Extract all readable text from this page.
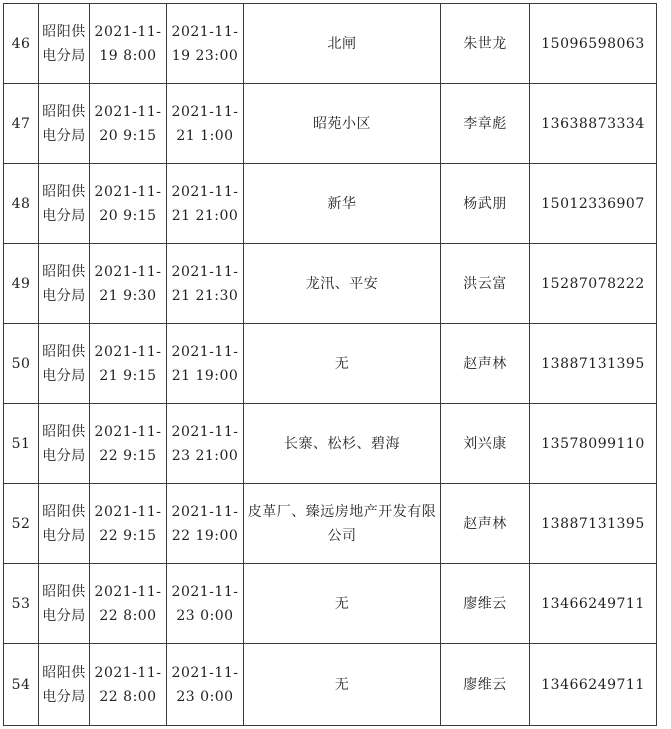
46	昭阳供电分局	2021-11-19 8:00	2021-11-19 23:00	北闸	朱世龙	15096598063
47	昭阳供电分局	2021-11-20 9:15	2021-11-21 1:00	昭苑小区	李章彪	13638873334
48	昭阳供电分局	2021-11-20 9:15	2021-11-21 21:00	新华	杨武朋	15012336907
49	昭阳供电分局	2021-11-21 9:30	2021-11-21 21:30	龙汛、平安	洪云富	15287078222
50	昭阳供电分局	2021-11-21 9:15	2021-11-21 19:00	无	赵声林	13887131395
51	昭阳供电分局	2021-11-22 9:15	2021-11-23 21:00	长寨、松杉、碧海	刘兴康	13578099110
52	昭阳供电分局	2021-11-22 9:15	2021-11-22 19:00	皮革厂、臻远房地产开发有限公司	赵声林	13887131395
53	昭阳供电分局	2021-11-22 8:00	2021-11-23 0:00	无	廖维云	13466249711
54	昭阳供电分局	2021-11-22 8:00	2021-11-23 0:00	无	廖维云	13466249711
